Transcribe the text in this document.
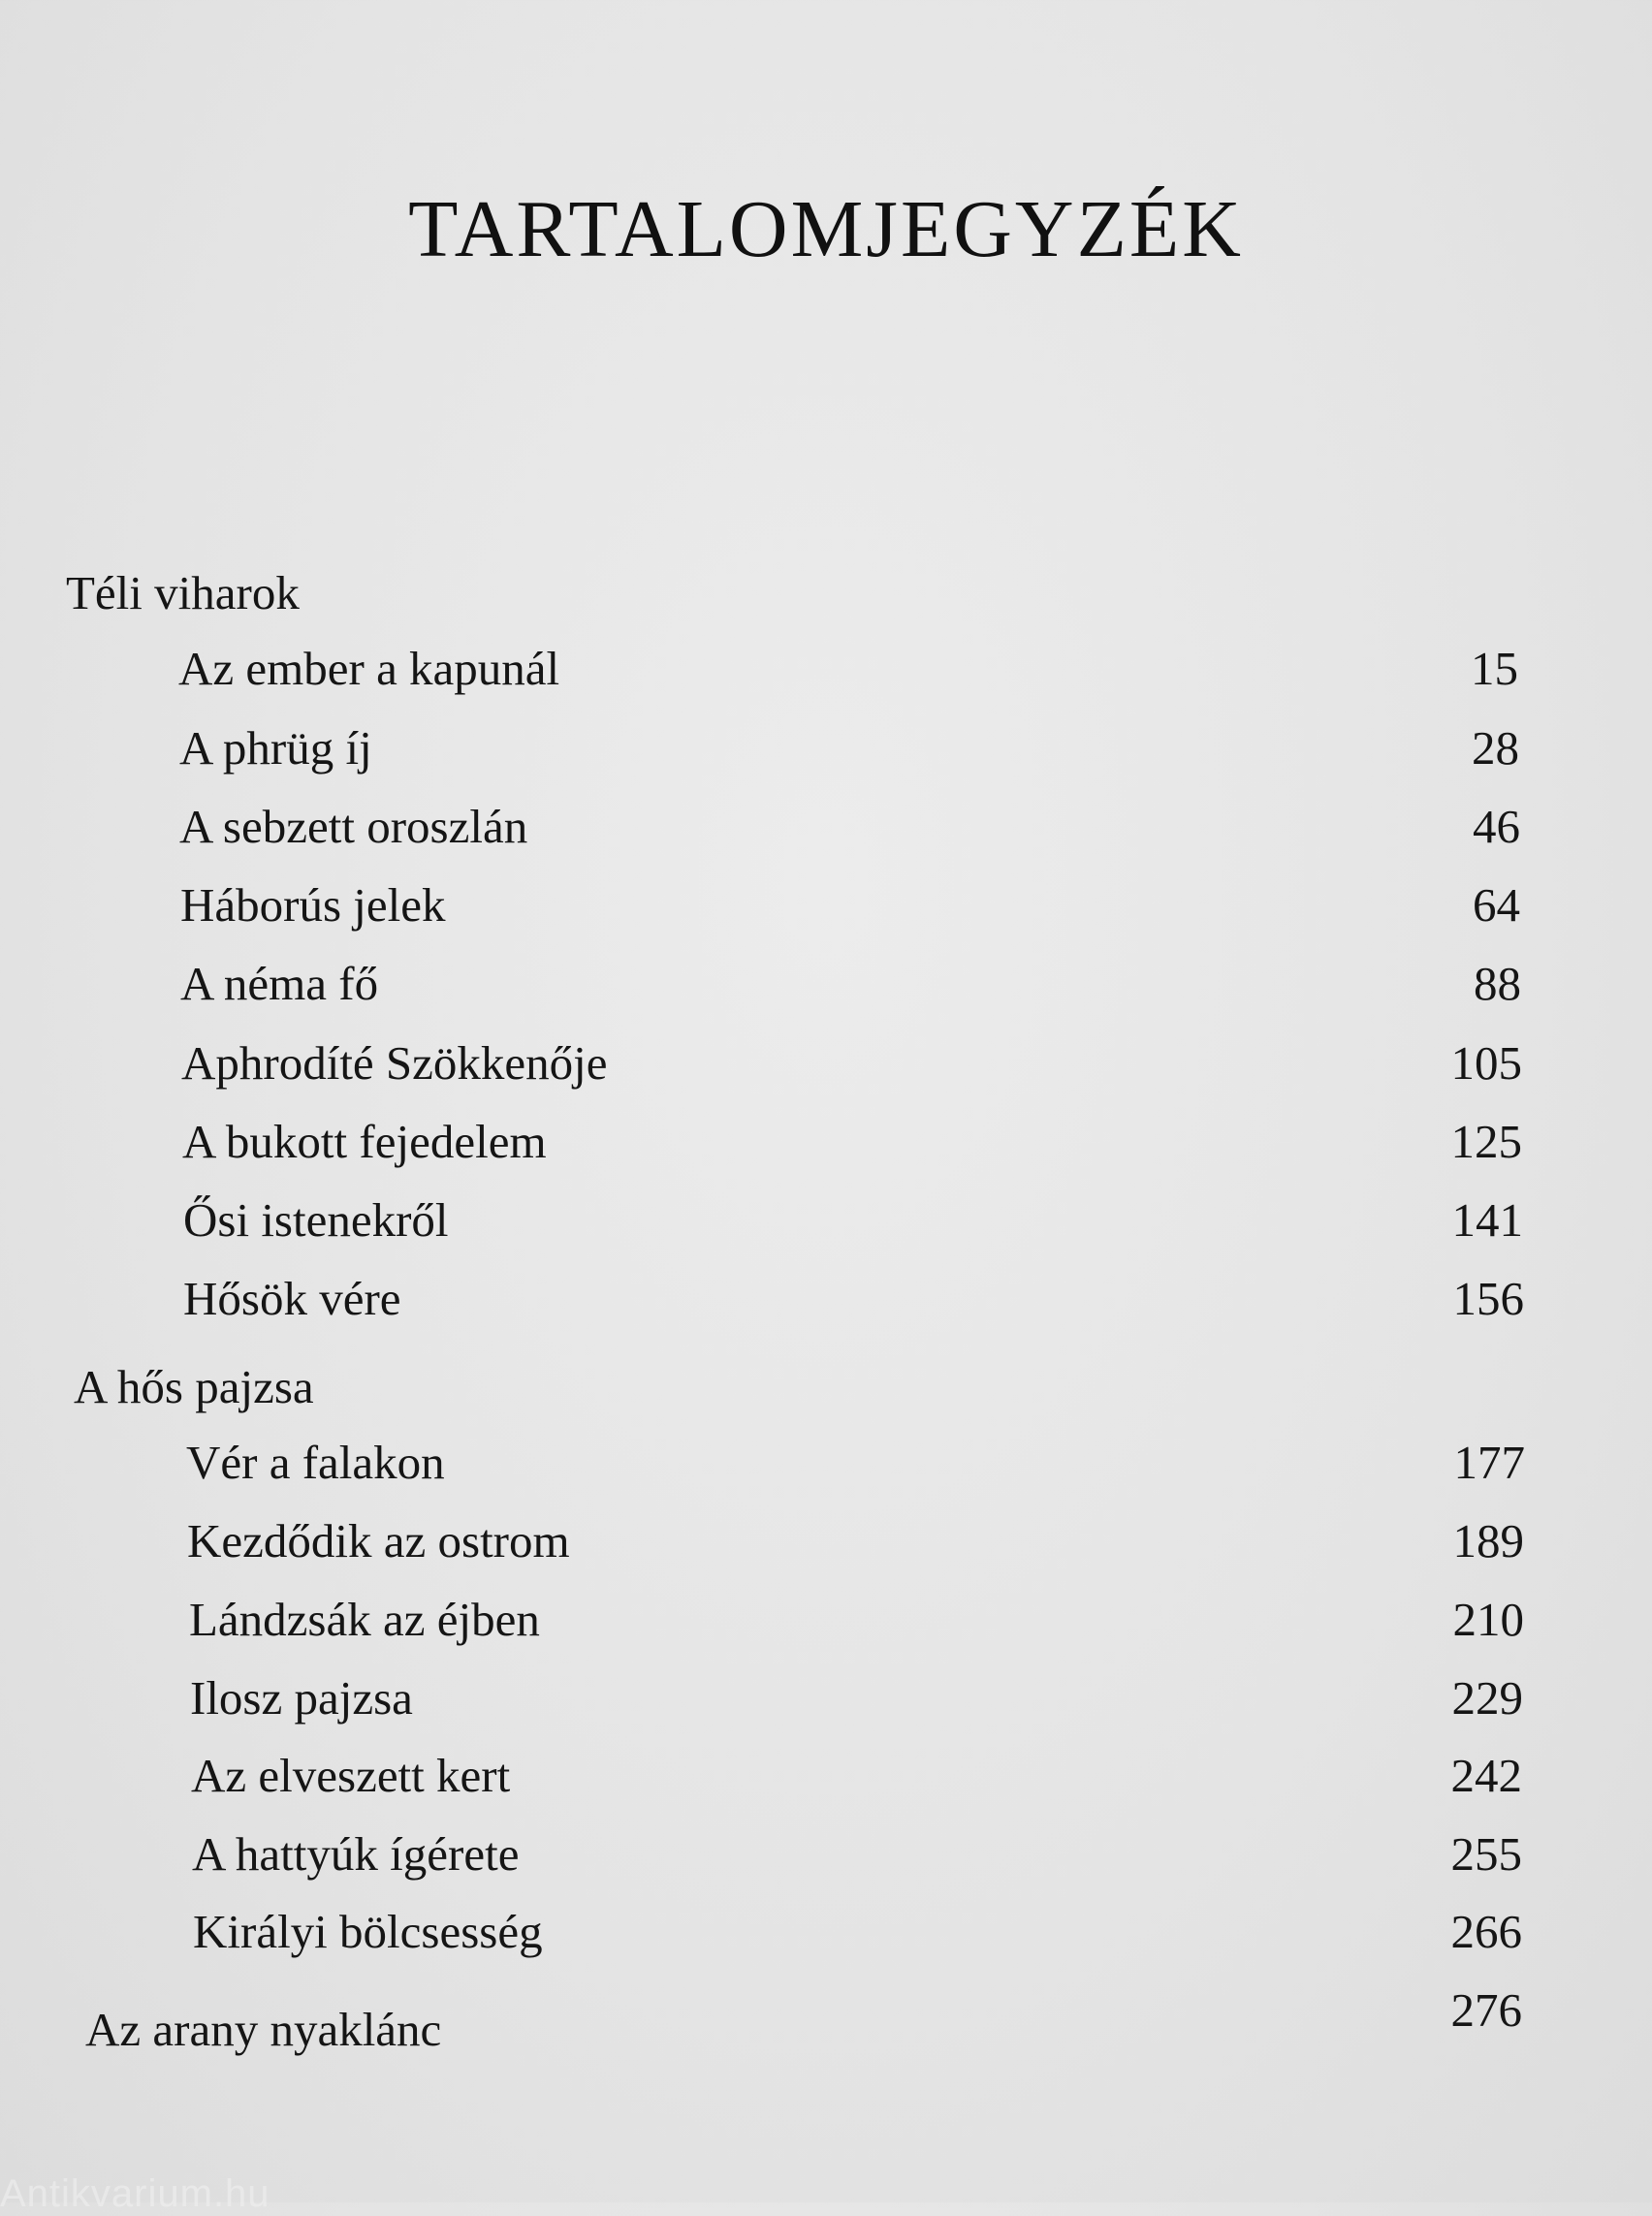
TARTALOMJEGYZÉK
Téli viharok
Az ember a kapunál	15
A phrüg íj	28
A sebzett oroszlán	46
Háborús jelek	64
A néma fő	88
Aphrodíté Szökkenője	105
A bukott fejedelem	125
Ősi istenekről	141
Hősök vére	156
A hős pajzsa
Vér a falakon	177
Kezdődik az ostrom	189
Lándzsák az éjben	210
Ilosz pajzsa	229
Az elveszett kert	242
A hattyúk ígérete	255
Királyi bölcsesség	266
Az arany nyaklánc	276
Antikvarium.hu
